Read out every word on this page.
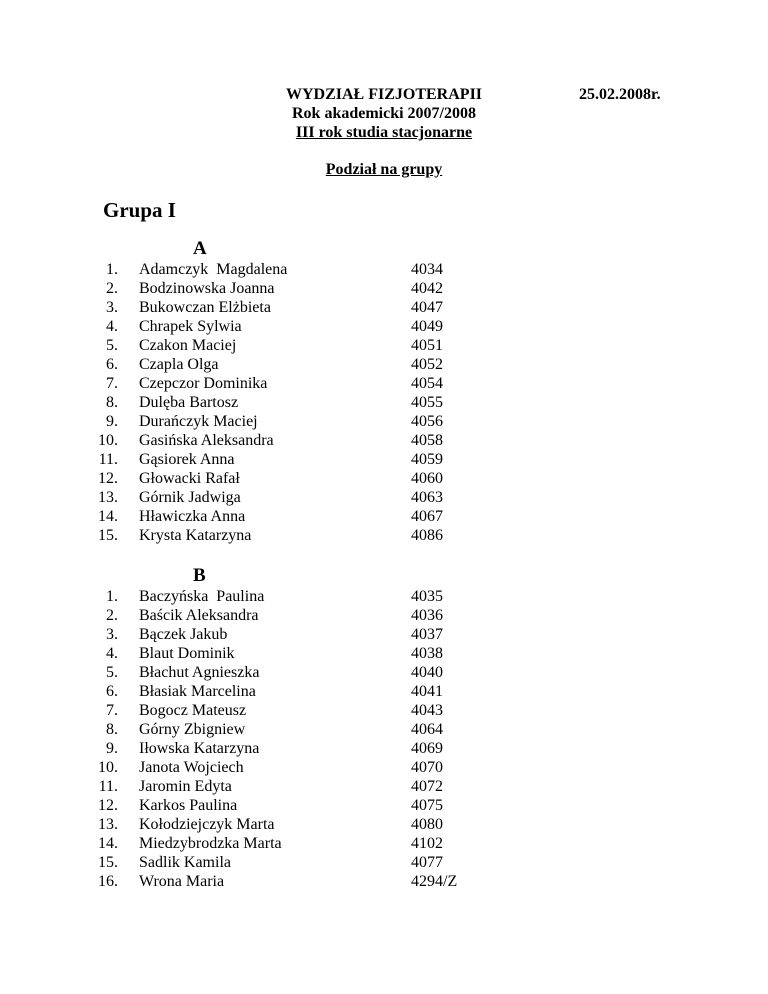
WYDZIAŁ FIZJOTERAPII
Rok akademicki 2007/2008
III rok studia stacjonarne
25.02.2008r.
Podział na grupy
Grupa I
A
1. Adamczyk  Magdalena	4034
2. Bodzinowska Joanna	4042
3. Bukowczan Elżbieta	4047
4. Chrapek Sylwia	4049
5. Czakon Maciej	4051
6. Czapla Olga	4052
7. Czepczor Dominika	4054
8. Dulęba Bartosz	4055
9. Durańczyk Maciej	4056
10. Gasińska Aleksandra	4058
11. Gąsiorek Anna	4059
12. Głowacki Rafał	4060
13. Górnik Jadwiga	4063
14. Hławiczka Anna	4067
15. Krysta Katarzyna	4086
B
1. Baczyńska  Paulina	4035
2. Baścik Aleksandra	4036
3. Bączek Jakub	4037
4. Blaut Dominik	4038
5. Błachut Agnieszka	4040
6. Błasiak Marcelina	4041
7. Bogocz Mateusz	4043
8. Górny Zbigniew	4064
9. Iłowska Katarzyna	4069
10. Janota Wojciech	4070
11. Jaromin Edyta	4072
12. Karkos Paulina	4075
13. Kołodziejczyk Marta	4080
14. Miedzybrodzka Marta	4102
15. Sadlik Kamila	4077
16. Wrona Maria	4294/Z
